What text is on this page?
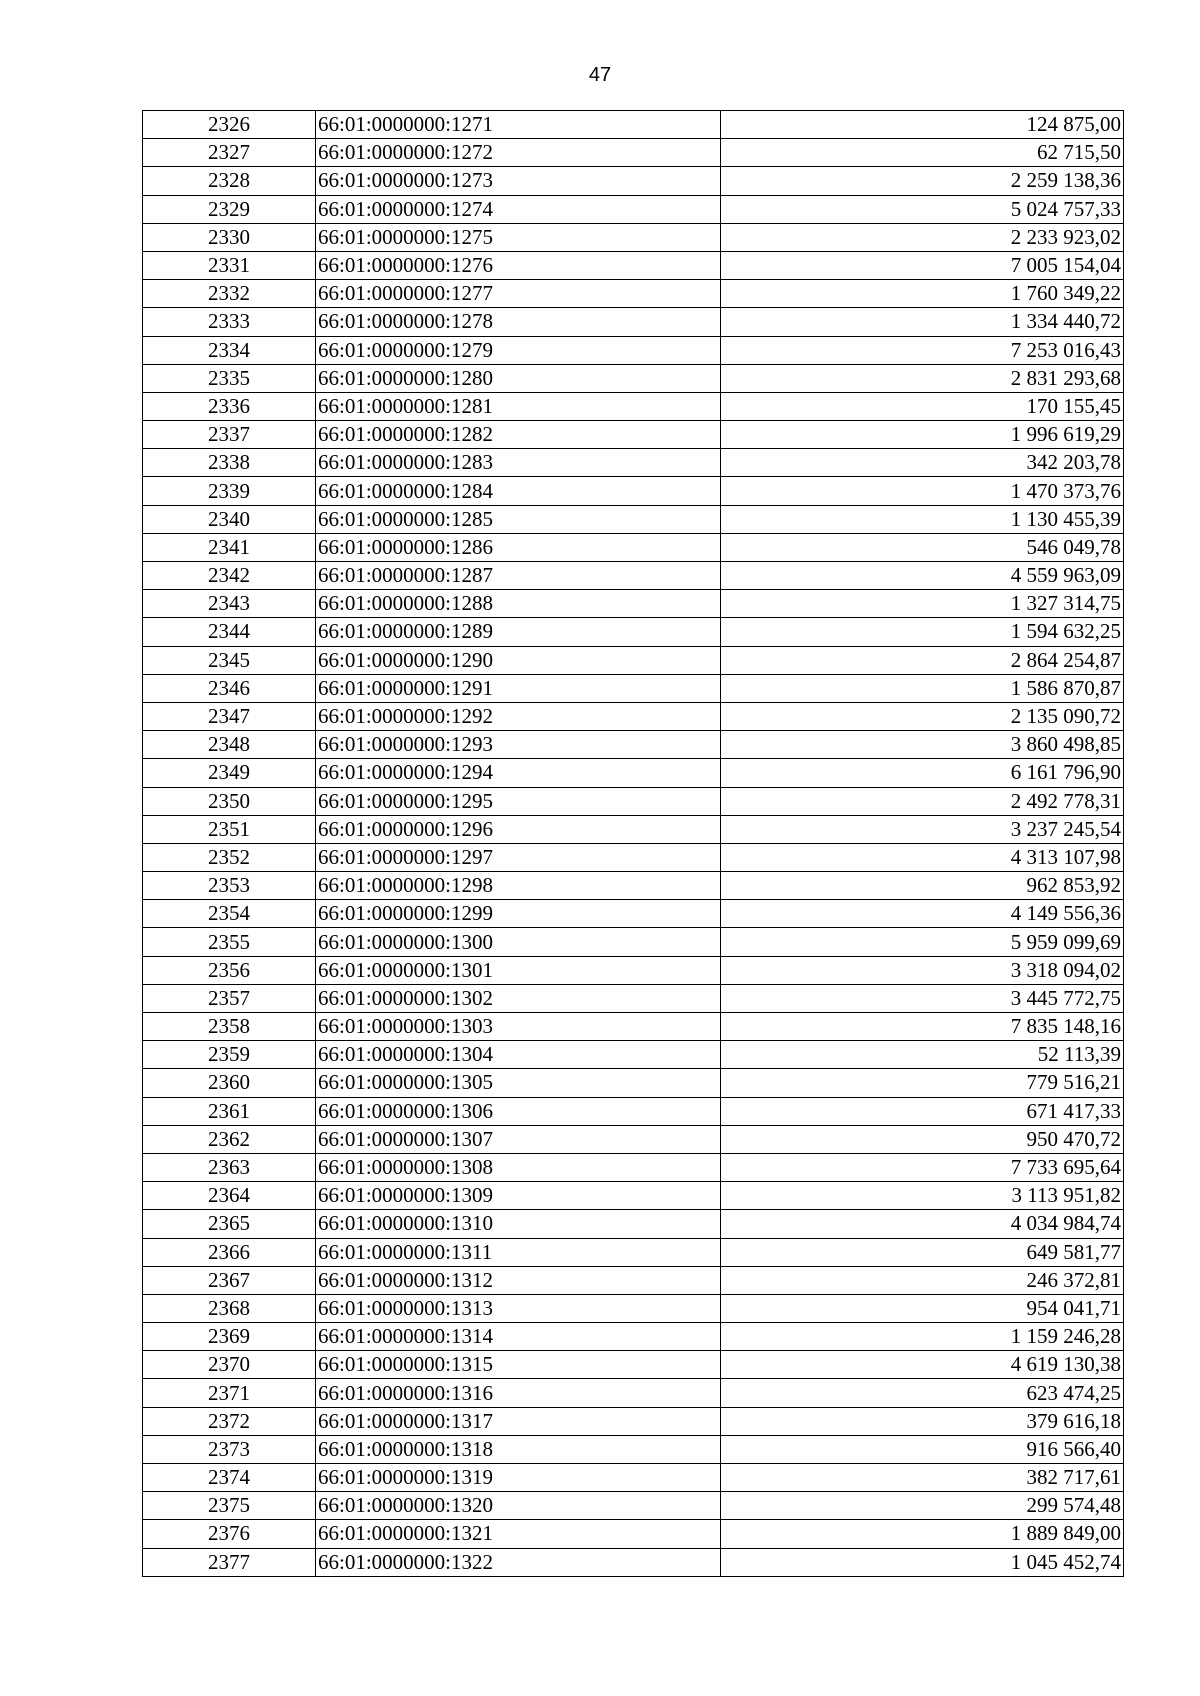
47
2326	66:01:0000000:1271	124 875,00
2327	66:01:0000000:1272	62 715,50
2328	66:01:0000000:1273	2 259 138,36
2329	66:01:0000000:1274	5 024 757,33
2330	66:01:0000000:1275	2 233 923,02
2331	66:01:0000000:1276	7 005 154,04
2332	66:01:0000000:1277	1 760 349,22
2333	66:01:0000000:1278	1 334 440,72
2334	66:01:0000000:1279	7 253 016,43
2335	66:01:0000000:1280	2 831 293,68
2336	66:01:0000000:1281	170 155,45
2337	66:01:0000000:1282	1 996 619,29
2338	66:01:0000000:1283	342 203,78
2339	66:01:0000000:1284	1 470 373,76
2340	66:01:0000000:1285	1 130 455,39
2341	66:01:0000000:1286	546 049,78
2342	66:01:0000000:1287	4 559 963,09
2343	66:01:0000000:1288	1 327 314,75
2344	66:01:0000000:1289	1 594 632,25
2345	66:01:0000000:1290	2 864 254,87
2346	66:01:0000000:1291	1 586 870,87
2347	66:01:0000000:1292	2 135 090,72
2348	66:01:0000000:1293	3 860 498,85
2349	66:01:0000000:1294	6 161 796,90
2350	66:01:0000000:1295	2 492 778,31
2351	66:01:0000000:1296	3 237 245,54
2352	66:01:0000000:1297	4 313 107,98
2353	66:01:0000000:1298	962 853,92
2354	66:01:0000000:1299	4 149 556,36
2355	66:01:0000000:1300	5 959 099,69
2356	66:01:0000000:1301	3 318 094,02
2357	66:01:0000000:1302	3 445 772,75
2358	66:01:0000000:1303	7 835 148,16
2359	66:01:0000000:1304	52 113,39
2360	66:01:0000000:1305	779 516,21
2361	66:01:0000000:1306	671 417,33
2362	66:01:0000000:1307	950 470,72
2363	66:01:0000000:1308	7 733 695,64
2364	66:01:0000000:1309	3 113 951,82
2365	66:01:0000000:1310	4 034 984,74
2366	66:01:0000000:1311	649 581,77
2367	66:01:0000000:1312	246 372,81
2368	66:01:0000000:1313	954 041,71
2369	66:01:0000000:1314	1 159 246,28
2370	66:01:0000000:1315	4 619 130,38
2371	66:01:0000000:1316	623 474,25
2372	66:01:0000000:1317	379 616,18
2373	66:01:0000000:1318	916 566,40
2374	66:01:0000000:1319	382 717,61
2375	66:01:0000000:1320	299 574,48
2376	66:01:0000000:1321	1 889 849,00
2377	66:01:0000000:1322	1 045 452,74
